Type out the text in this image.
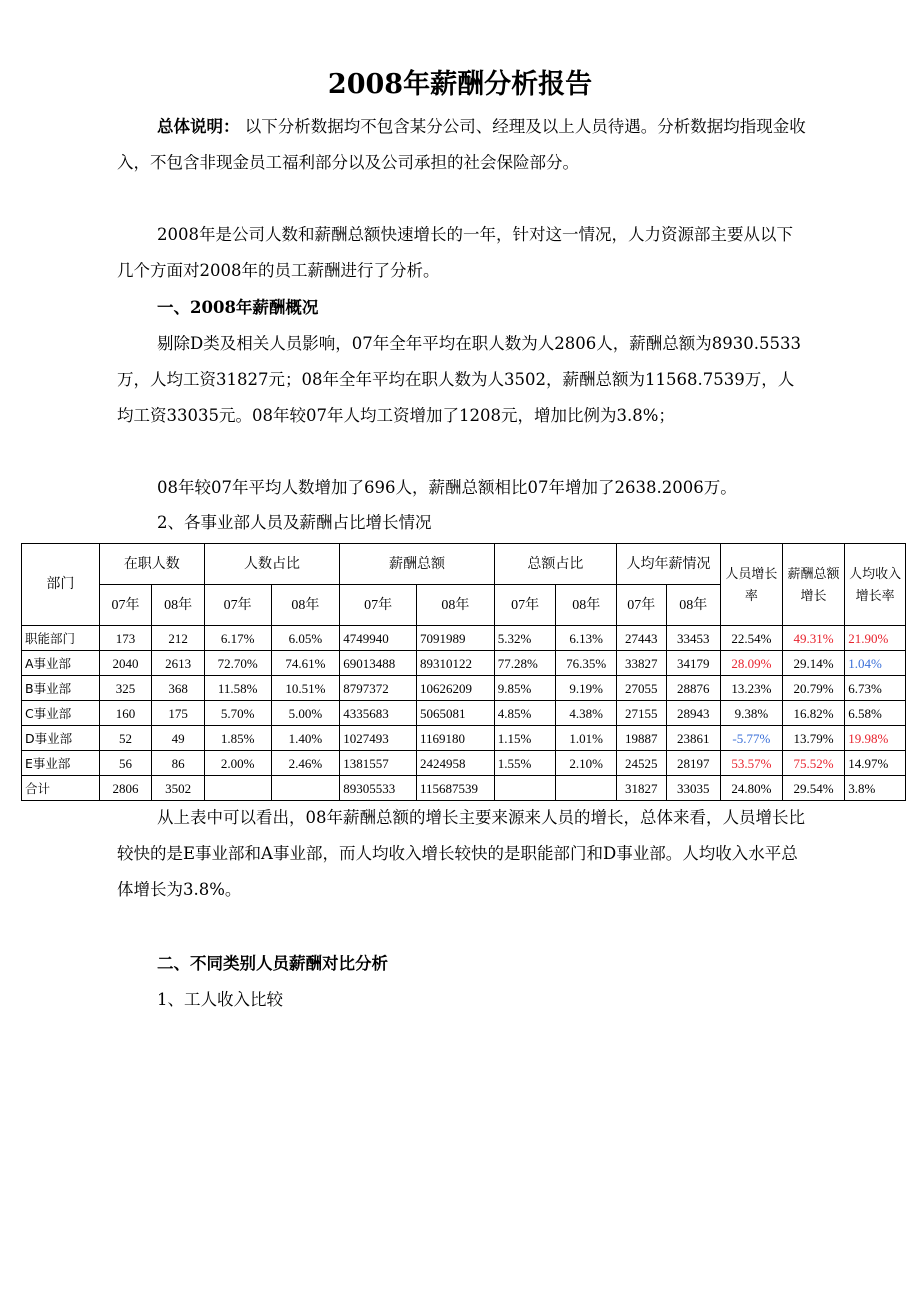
2008年薪酬分析报告
总体说明： 以下分析数据均不包含某分公司、经理及以上人员待遇。分析数据均指现金收入，不包含非现金员工福利部分以及公司承担的社会保险部分。
2008年是公司人数和薪酬总额快速增长的一年，针对这一情况，人力资源部主要从以下几个方面对2008年的员工薪酬进行了分析。
一、2008年薪酬概况
剔除D类及相关人员影响，07年全年平均在职人数为人2806人，薪酬总额为8930.5533万，人均工资31827元；08年全年平均在职人数为人3502，薪酬总额为11568.7539万，人均工资33035元。08年较07年人均工资增加了1208元，增加比例为3.8%；
08年较07年平均人数增加了696人，薪酬总额相比07年增加了2638.2006万。
2、各事业部人员及薪酬占比增长情况
部门	在职人数		人数占比		薪酬总额		总额占比		人均年薪情况		人员增长率	薪酬总额增长	人均收入增长率
	07年	08年	07年	08年	07年	08年	07年	08年	07年	08年			
职能部门	173	212	6.17%	6.05%	4749940	7091989	5.32%	6.13%	27443	33453	22.54%	49.31%	21.90%
A事业部	2040	2613	72.70%	74.61%	69013488	89310122	77.28%	76.35%	33827	34179	28.09%	29.14%	1.04%
B事业部	325	368	11.58%	10.51%	8797372	10626209	9.85%	9.19%	27055	28876	13.23%	20.79%	6.73%
C事业部	160	175	5.70%	5.00%	4335683	5065081	4.85%	4.38%	27155	28943	9.38%	16.82%	6.58%
D事业部	52	49	1.85%	1.40%	1027493	1169180	1.15%	1.01%	19887	23861	-5.77%	13.79%	19.98%
E事业部	56	86	2.00%	2.46%	1381557	2424958	1.55%	2.10%	24525	28197	53.57%	75.52%	14.97%
合计	2806	3502			89305533	115687539			31827	33035	24.80%	29.54%	3.8%
从上表中可以看出，08年薪酬总额的增长主要来源来人员的增长，总体来看，人员增长比较快的是E事业部和A事业部，而人均收入增长较快的是职能部门和D事业部。人均收入水平总体增长为3.8%。
二、不同类别人员薪酬对比分析
1、工人收入比较
